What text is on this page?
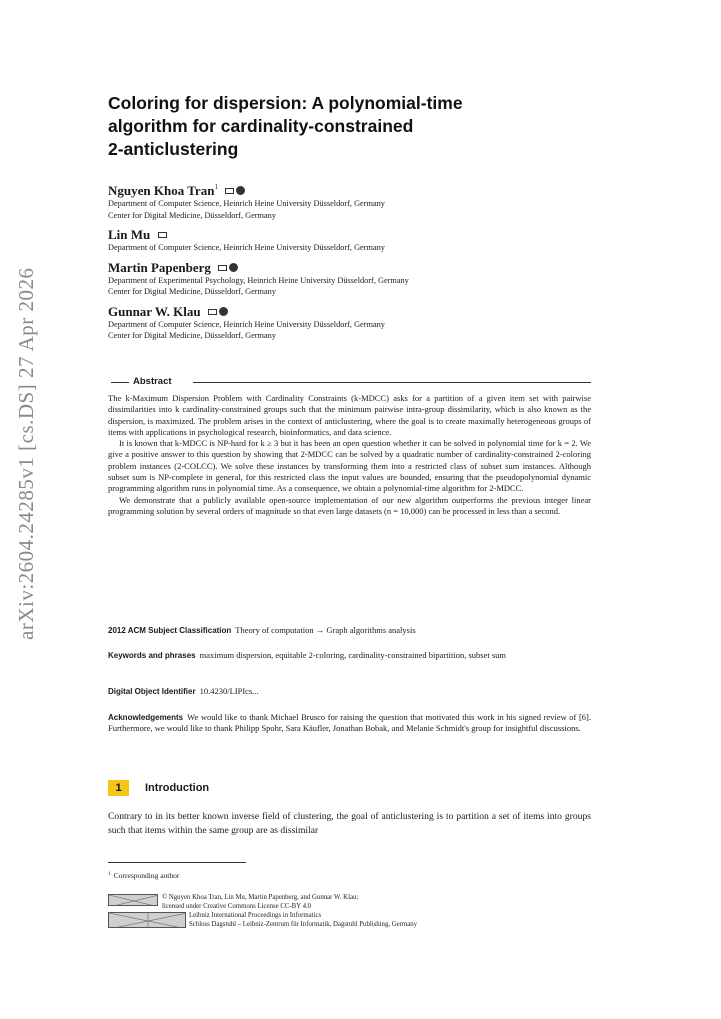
arXiv:2604.24285v1 [cs.DS] 27 Apr 2026
Coloring for dispersion: A polynomial-time
algorithm for cardinality-constrained
2-anticlustering
Nguyen Khoa Tran$^1$
Department of Computer Science, Heinrich Heine University Düsseldorf, Germany
Center for Digital Medicine, Düsseldorf, Germany
Lin Mu
Department of Computer Science, Heinrich Heine University Düsseldorf, Germany
Martin Papenberg
Department of Experimental Psychology, Heinrich Heine University Düsseldorf, Germany
Center for Digital Medicine, Düsseldorf, Germany
Gunnar W. Klau
Department of Computer Science, Heinrich Heine University Düsseldorf, Germany
Center for Digital Medicine, Düsseldorf, Germany
Abstract

The k-Maximum Dispersion Problem with Cardinality Constraints (k-MDCC) asks for a partition of a given item set with pairwise dissimilarities into k cardinality-constrained groups such that the minimum pairwise intra-group dissimilarity, which is also known as the dispersion, is maximized. The problem arises in the context of anticlustering, where the goal is to create maximally heterogeneous groups of items with applications in psychological research, bioinformatics, and data science.

It is known that k-MDCC is NP-hard for k ≥ 3 but it has been an open question whether it can be solved in polynomial time for k = 2. We give a positive answer to this question by showing that 2-MDCC can be solved by a quadratic number of cardinality-constrained 2-coloring problem instances (2-COLCC). We solve these instances by transforming them into a restricted class of subset sum instances. Although subset sum is NP-complete in general, for this restricted class the input values are bounded, ensuring that the pseudopolynomial dynamic programming algorithm runs in polynomial time. As a consequence, we obtain a polynomial-time algorithm for 2-MDCC.

We demonstrate that a publicly available open-source implementation of our new algorithm outperforms the previous integer linear programming solution by several orders of magnitude so that even large datasets (n = 10,000) can be processed in less than a second.

2012 ACM Subject Classification Theory of computation → Graph algorithms analysis

Keywords and phrases maximum dispersion, equitable 2-coloring, cardinality-constrained bipartition, subset sum

Digital Object Identifier 10.4230/LIPIcs...

Acknowledgements We would like to thank Michael Brusco for raising the question that motivated this work in his signed review of [6]. Furthermore, we would like to thank Philipp Spohr, Sara Käufler, Jonathan Bobak, and Melanie Schmidt's group for insightful discussions.

1	Introduction

Contrary to in its better known inverse field of clustering, the goal of anticlustering is to partition a set of items into groups such that items within the same group are as dissimilar

$^1$ Corresponding author
© Nguyen Khoa Tran, Lin Mu, Martin Papenberg, and Gunnar W. Klau;
licensed under Creative Commons License CC-BY 4.0
Leibniz International Proceedings in Informatics
Schloss Dagstuhl – Leibniz-Zentrum für Informatik, Dagstuhl Publishing, Germany
